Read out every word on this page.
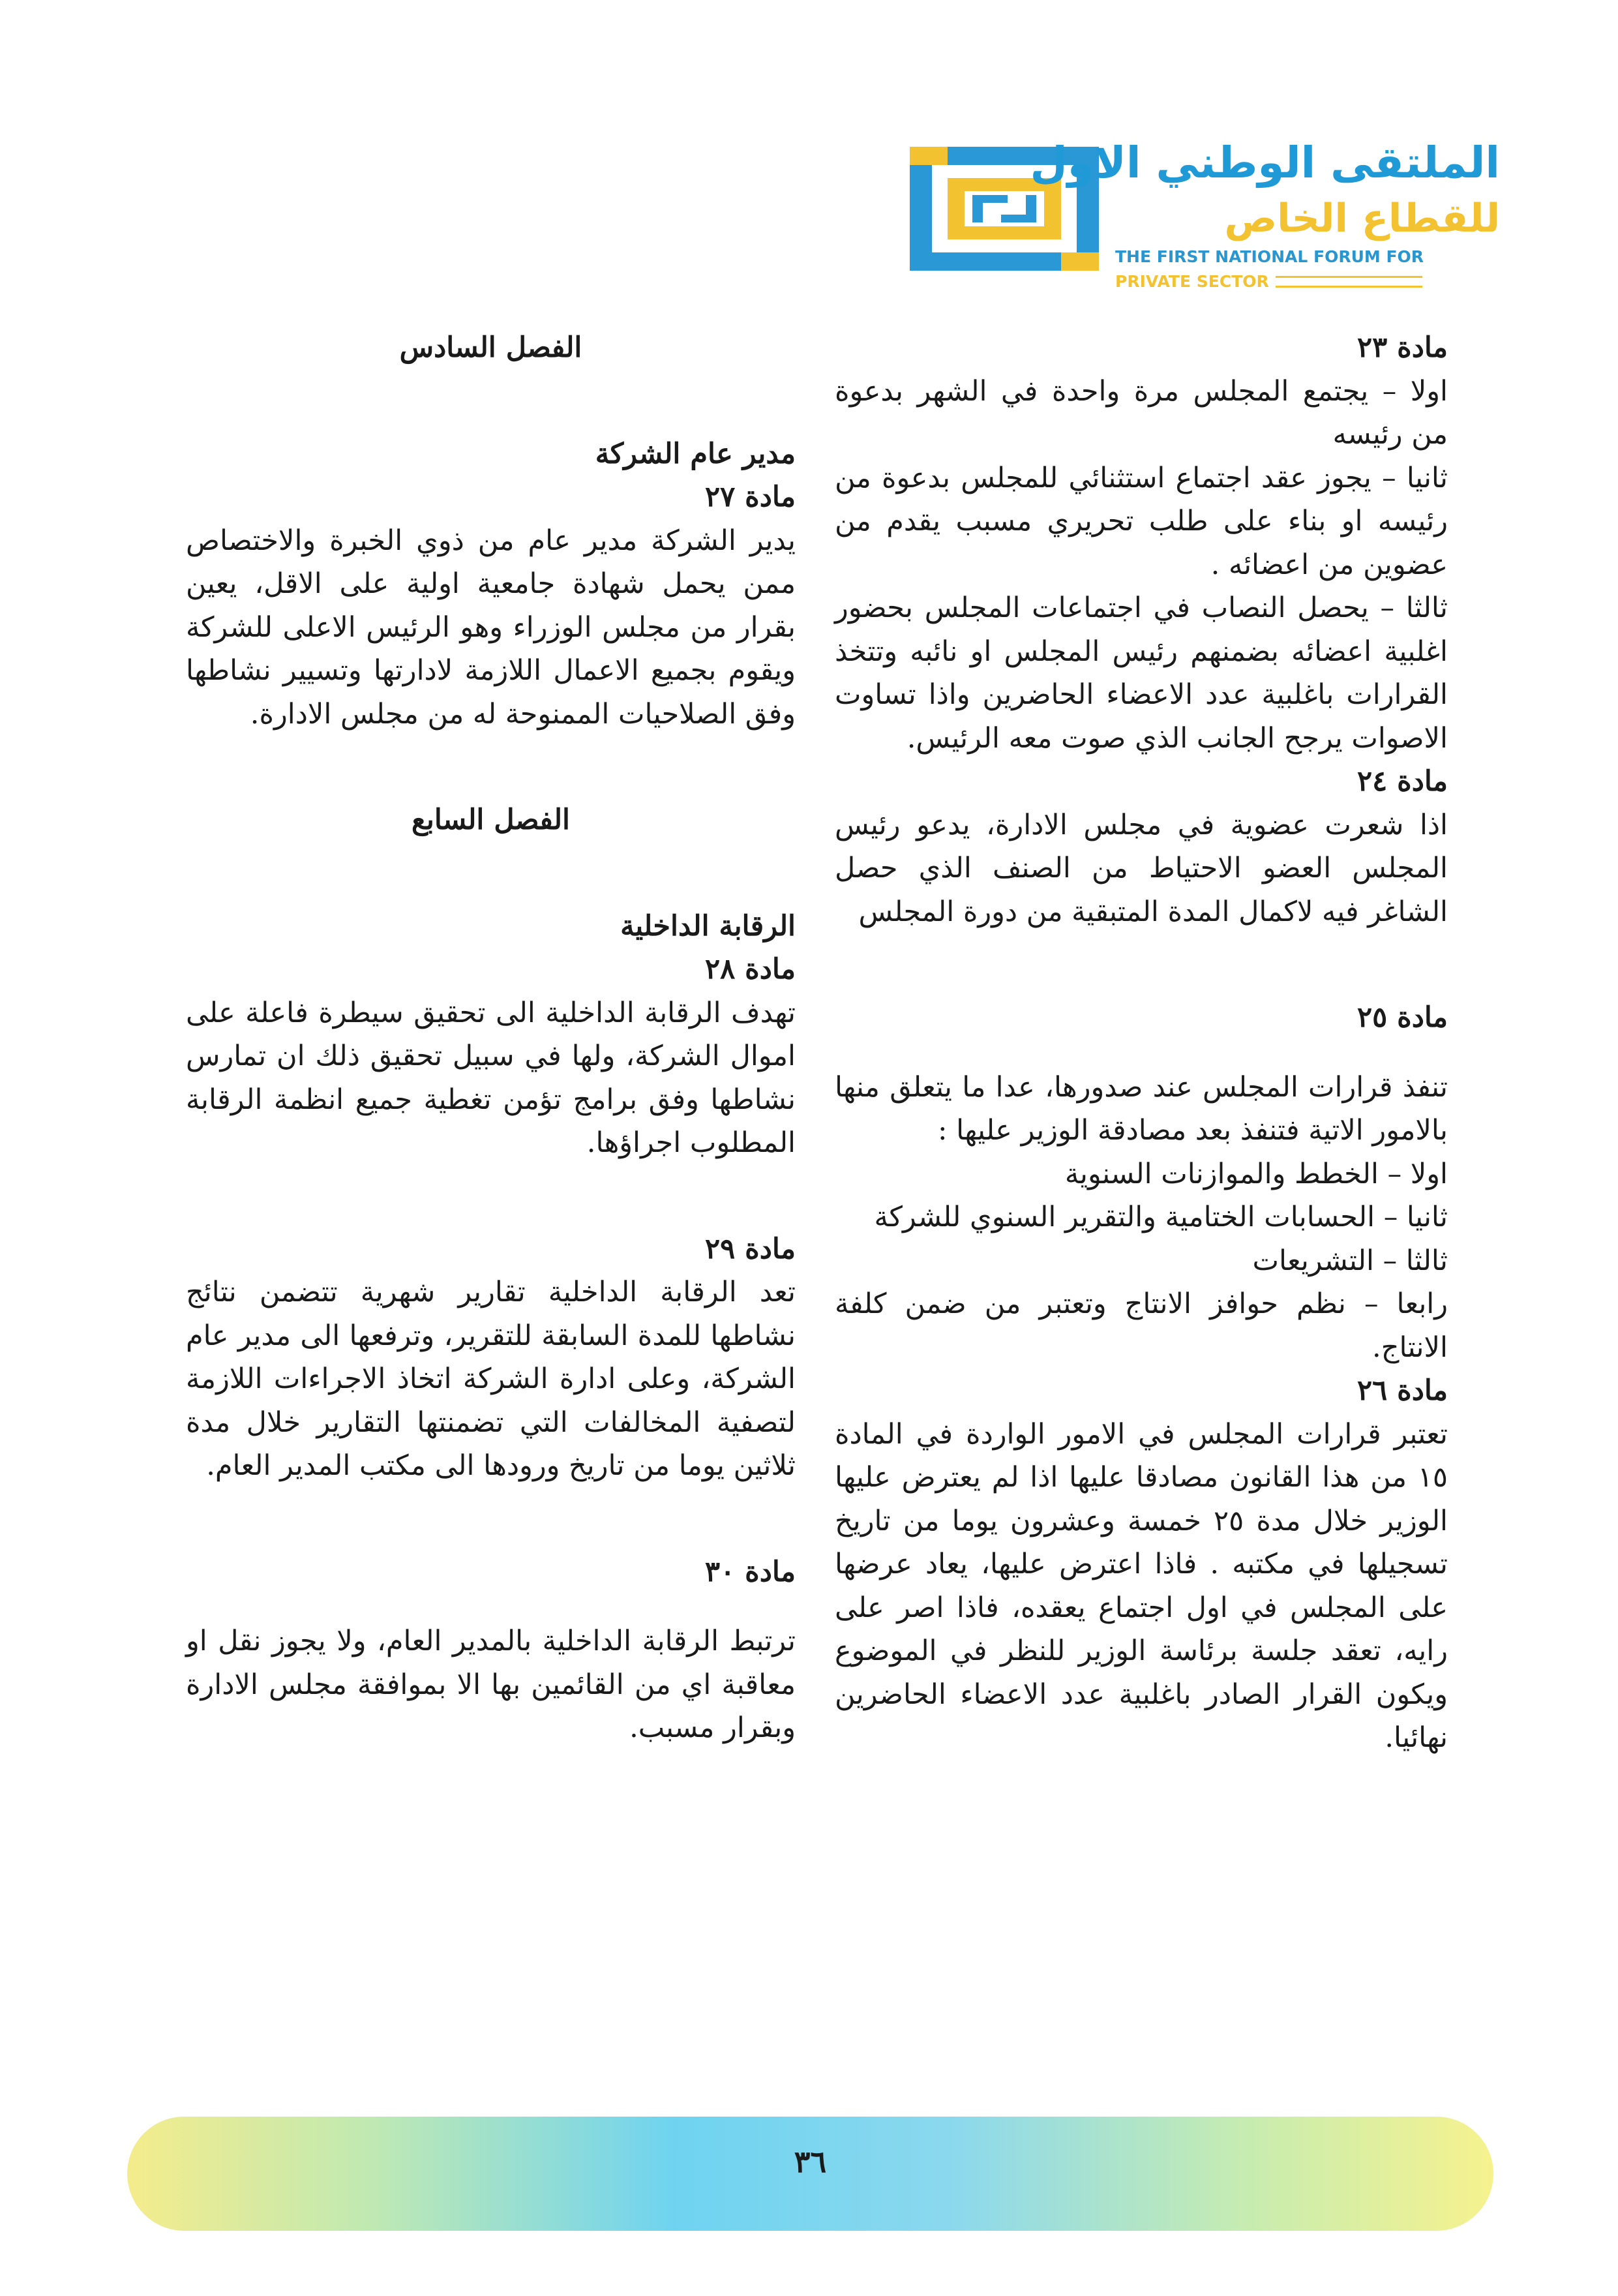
الملتقى الوطني الاول
للقطاع الخاص
THE FIRST NATIONAL FORUM FOR
PRIVATE SECTOR

مادة ٢٣

اولا – يجتمع المجلس مرة واحدة في الشهر بدعوة من رئيسه

ثانيا – يجوز عقد اجتماع استثنائي للمجلس بدعوة من رئيسه او بناء على طلب تحريري مسبب يقدم من عضوين من اعضائه .

ثالثا – يحصل النصاب في اجتماعات المجلس بحضور اغلبية اعضائه بضمنهم رئيس المجلس او نائبه وتتخذ القرارات باغلبية عدد الاعضاء الحاضرين واذا تساوت الاصوات يرجح الجانب الذي صوت معه الرئيس.

مادة ٢٤

اذا شعرت عضوية في مجلس الادارة، يدعو رئيس المجلس العضو الاحتياط من الصنف الذي حصل الشاغر فيه لاكمال المدة المتبقية من دورة المجلس

مادة ٢٥

تنفذ قرارات المجلس عند صدورها، عدا ما يتعلق منها بالامور الاتية فتنفذ بعد مصادقة الوزير عليها :

اولا – الخطط والموازنات السنوية

ثانيا – الحسابات الختامية والتقرير السنوي للشركة

ثالثا – التشريعات

رابعا – نظم حوافز الانتاج وتعتبر من ضمن كلفة الانتاج.

مادة ٢٦

تعتبر قرارات المجلس في الامور الواردة في المادة ١٥ من هذا القانون مصادقا عليها اذا لم يعترض عليها الوزير خلال مدة ٢٥ خمسة وعشرون يوما من تاريخ تسجيلها في مكتبه . فاذا اعترض عليها، يعاد عرضها على المجلس في اول اجتماع يعقده، فاذا اصر على رايه، تعقد جلسة برئاسة الوزير للنظر في الموضوع ويكون القرار الصادر باغلبية عدد الاعضاء الحاضرين نهائيا.

الفصل السادس

مدير عام الشركة

مادة ٢٧

يدير الشركة مدير عام من ذوي الخبرة والاختصاص ممن يحمل شهادة جامعية اولية على الاقل، يعين بقرار من مجلس الوزراء وهو الرئيس الاعلى للشركة ويقوم بجميع الاعمال اللازمة لادارتها وتسيير نشاطها وفق الصلاحيات الممنوحة له من مجلس الادارة.

الفصل السابع

الرقابة الداخلية

مادة ٢٨

تهدف الرقابة الداخلية الى تحقيق سيطرة فاعلة على اموال الشركة، ولها في سبيل تحقيق ذلك ان تمارس نشاطها وفق برامج تؤمن تغطية جميع انظمة الرقابة المطلوب اجراؤها.

مادة ٢٩

تعد الرقابة الداخلية تقارير شهرية تتضمن نتائج نشاطها للمدة السابقة للتقرير، وترفعها الى مدير عام الشركة، وعلى ادارة الشركة اتخاذ الاجراءات اللازمة لتصفية المخالفات التي تضمنتها التقارير خلال مدة ثلاثين يوما من تاريخ ورودها الى مكتب المدير العام.

مادة ٣٠

ترتبط الرقابة الداخلية بالمدير العام، ولا يجوز نقل او معاقبة اي من القائمين بها الا بموافقة مجلس الادارة وبقرار مسبب.

٣٦
